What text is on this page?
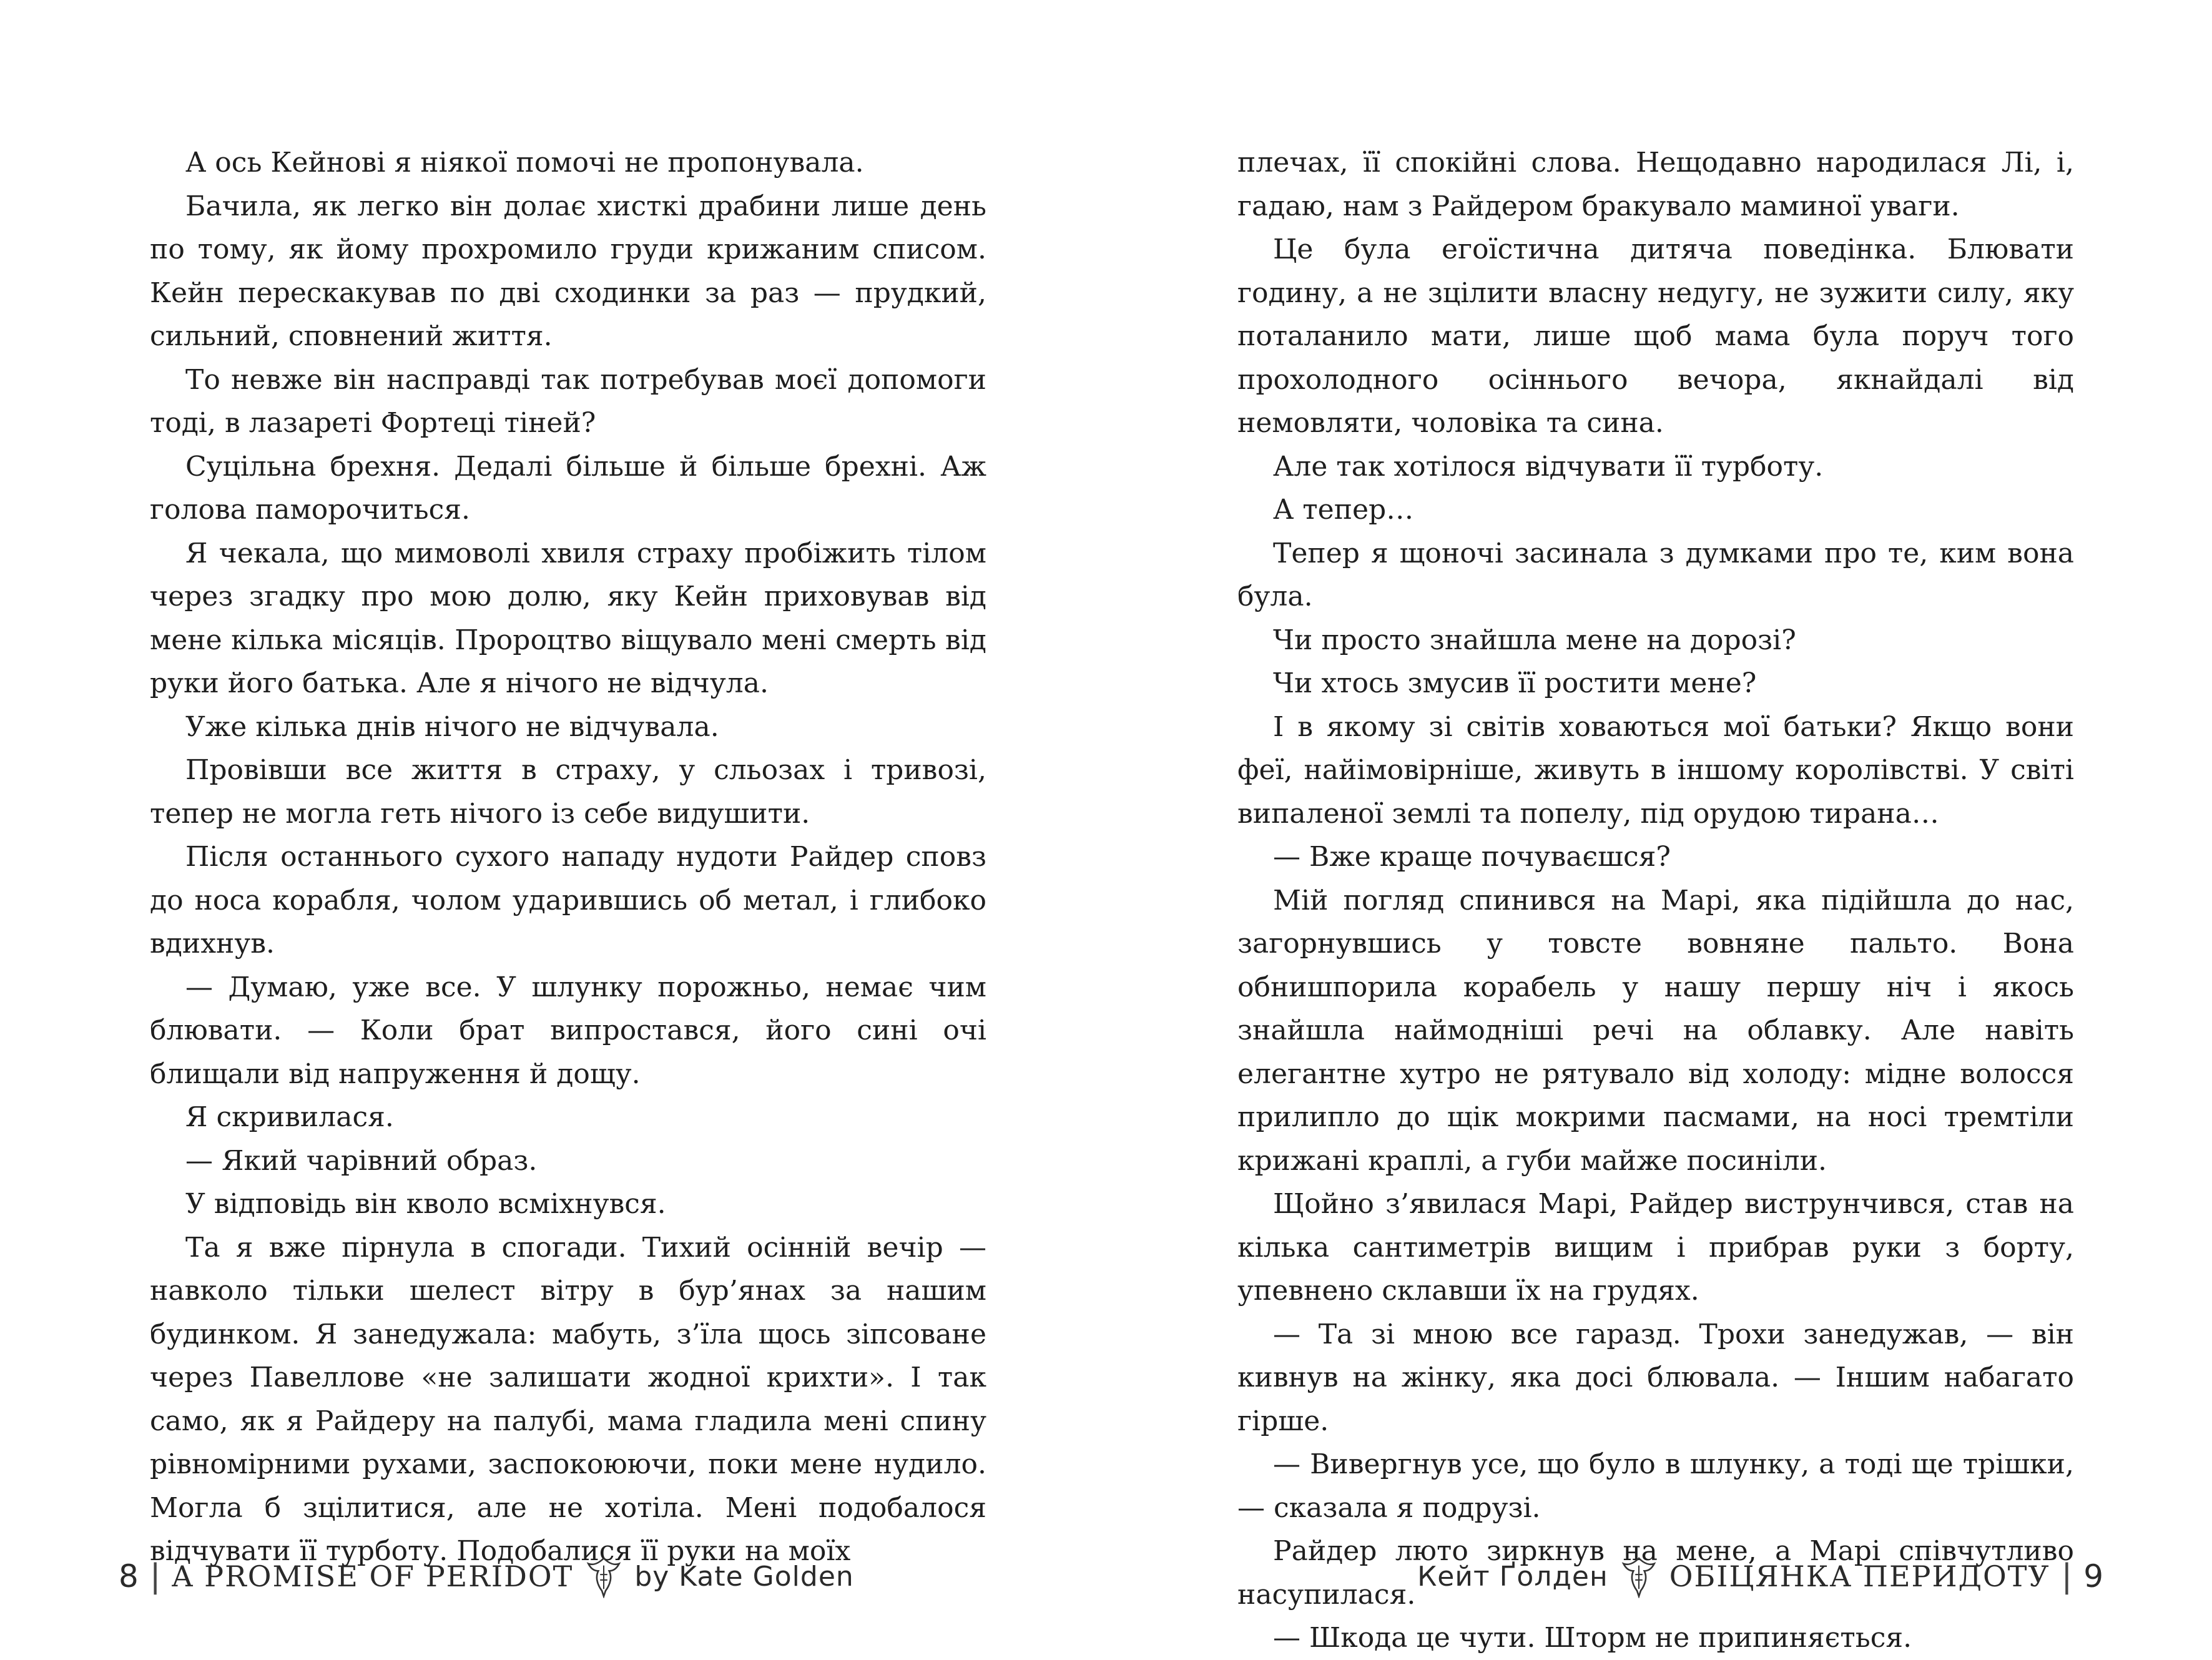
А ось Кейнові я ніякої помочі не пропонувала.

Бачила, як легко він долає хисткі драбини лише день по тому, як йому прохромило груди крижаним списом. Кейн перескакував по дві сходинки за раз — прудкий, сильний, сповнений життя.

То невже він насправді так потребував моєї допомоги тоді, в лазареті Фортеці тіней?

Суцільна брехня. Дедалі більше й більше брехні. Аж голова паморочиться.

Я чекала, що мимоволі хвиля страху пробіжить тілом через згадку про мою долю, яку Кейн приховував від мене кілька місяців. Пророцтво віщувало мені смерть від руки його батька. Але я нічого не відчула.

Уже кілька днів нічого не відчувала.

Провівши все життя в страху, у сльозах і тривозі, тепер не могла геть нічого із себе видушити.

Після останнього сухого нападу нудоти Райдер сповз до носа корабля, чолом ударившись об метал, і глибоко вдихнув.

— Думаю, уже все. У шлунку порожньо, немає чим блювати. — Коли брат випростався, його сині очі блищали від напруження й дощу.

Я скривилася.

— Який чарівний образ.

У відповідь він кволо всміхнувся.

Та я вже пірнула в спогади. Тихий осінній вечір — навколо тільки шелест вітру в бур’янах за нашим будинком. Я занедужала: мабуть, з’їла щось зіпсоване через Павеллове «не залишати жодної крихти». І так само, як я Райдеру на палубі, мама гладила мені спину рівномірними рухами, заспокоюючи, поки мене нудило. Могла б зцілитися, але не хотіла. Мені подобалося відчувати її турботу. Подобалися її руки на моїх

плечах, її спокійні слова. Нещодавно народилася Лі, і, гадаю, нам з Райдером бракувало маминої уваги.

Це була егоїстична дитяча поведінка. Блювати годину, а не зцілити власну недугу, не зужити силу, яку поталанило мати, лише щоб мама була поруч того прохолодного осіннього вечора, якнайдалі від немовляти, чоловіка та сина.

Але так хотілося відчувати її турботу.

А тепер…

Тепер я щоночі засинала з думками про те, ким вона була.

Чи просто знайшла мене на дорозі?

Чи хтось змусив її ростити мене?

І в якому зі світів ховаються мої батьки? Якщо вони феї, найімовірніше, живуть в іншому королівстві. У світі випаленої землі та попелу, під орудою тирана…

— Вже краще почуваєшся?

Мій погляд спинився на Марі, яка підійшла до нас, загорнувшись у товсте вовняне пальто. Вона обнишпорила корабель у нашу першу ніч і якось знайшла наймодніші речі на облавку. Але навіть елегантне хутро не рятувало від холоду: мідне волосся прилипло до щік мокрими пасмами, на носі тремтіли крижані краплі, а губи майже посиніли.

Щойно з’явилася Марі, Райдер виструнчився, став на кілька сантиметрів вищим і прибрав руки з борту, упевнено склавши їх на грудях.

— Та зі мною все гаразд. Трохи занедужав, — він кивнув на жінку, яка досі блювала. — Іншим набагато гірше.

— Вивергнув усе, що було в шлунку, а тоді ще трішки, — сказала я подрузі.

Райдер люто зиркнув на мене, а Марі співчутливо насупилася.

— Шкода це чути. Шторм не припиняється.

8 | A PROMISE OF PERIDOT by Kate Golden	Кейт Ґолден ОБІЦЯНКА ПЕРИДОТУ | 9
